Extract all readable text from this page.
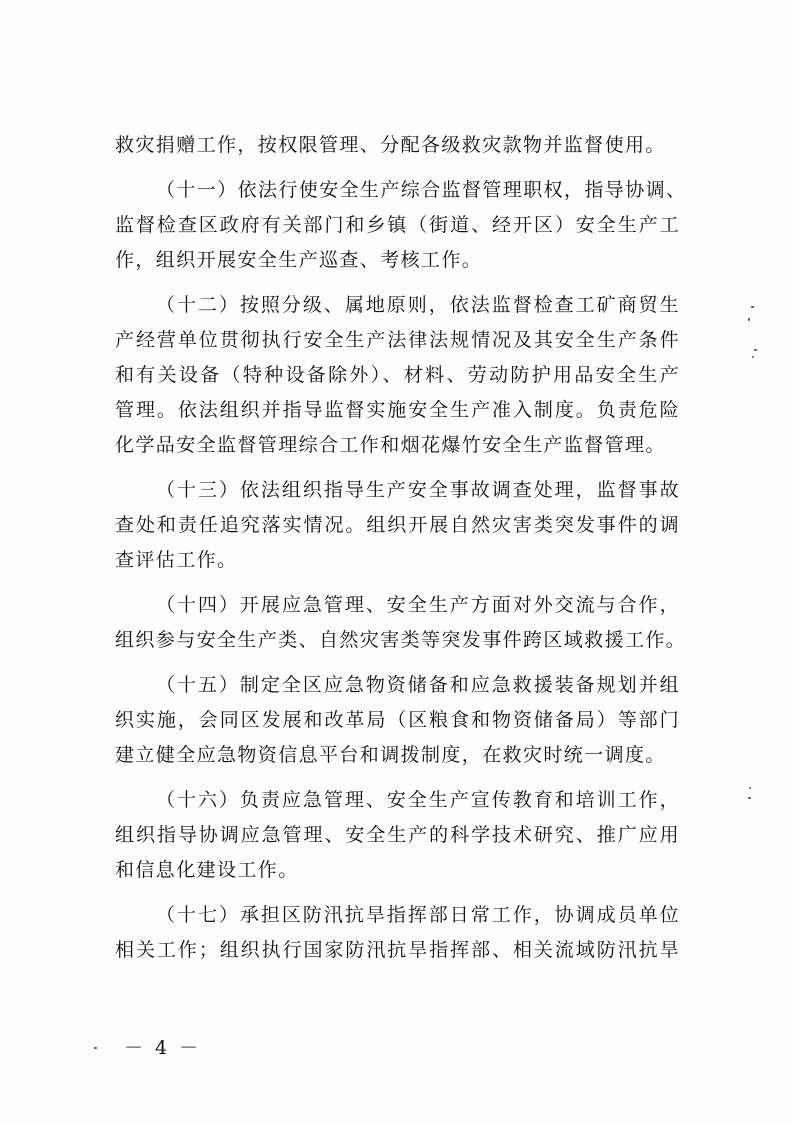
救灾捐赠工作，按权限管理、分配各级救灾款物并监督使用。
（十一）依法行使安全生产综合监督管理职权，指导协调、
监督检查区政府有关部门和乡镇（街道、经开区）安全生产工
作，组织开展安全生产巡查、考核工作。
（十二）按照分级、属地原则，依法监督检查工矿商贸生
产经营单位贯彻执行安全生产法律法规情况及其安全生产条件
和有关设备（特种设备除外）、材料、劳动防护用品安全生产
管理。依法组织并指导监督实施安全生产准入制度。负责危险
化学品安全监督管理综合工作和烟花爆竹安全生产监督管理。
（十三）依法组织指导生产安全事故调查处理，监督事故
查处和责任追究落实情况。组织开展自然灾害类突发事件的调
查评估工作。
（十四）开展应急管理、安全生产方面对外交流与合作，
组织参与安全生产类、自然灾害类等突发事件跨区域救援工作。
（十五）制定全区应急物资储备和应急救援装备规划并组
织实施，会同区发展和改革局（区粮食和物资储备局）等部门
建立健全应急物资信息平台和调拨制度，在救灾时统一调度。
（十六）负责应急管理、安全生产宣传教育和培训工作，
组织指导协调应急管理、安全生产的科学技术研究、推广应用
和信息化建设工作。
（十七）承担区防汛抗旱指挥部日常工作，协调成员单位
相关工作；组织执行国家防汛抗旱指挥部、相关流域防汛抗旱
－ 4 －
